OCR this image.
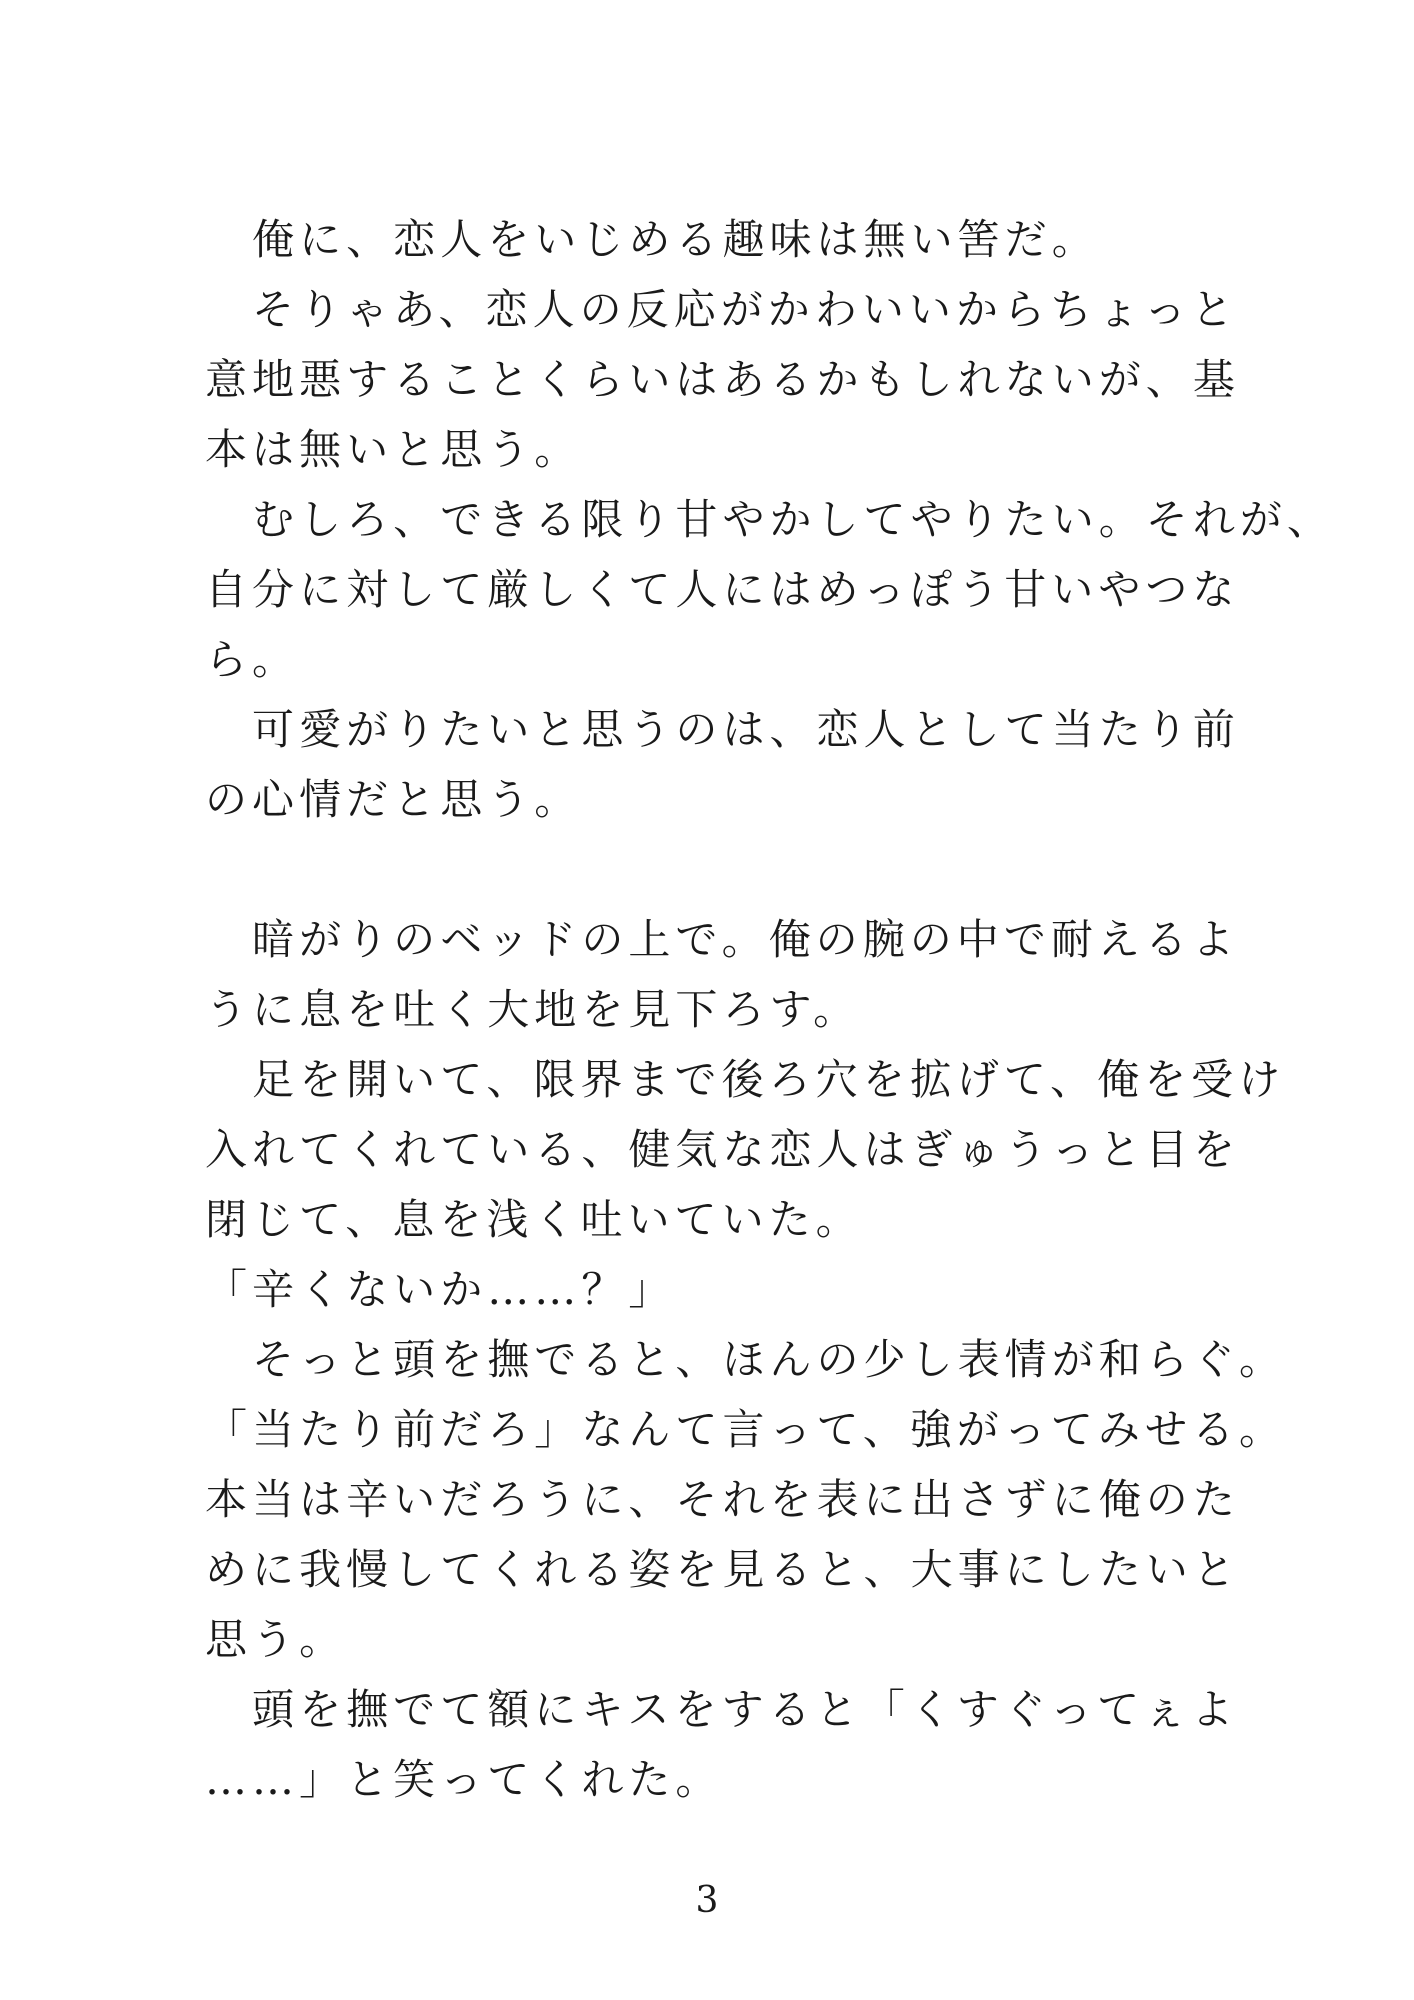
　俺に、恋人をいじめる趣味は無い筈だ。
　そりゃあ、恋人の反応がかわいいからちょっと
意地悪することくらいはあるかもしれないが、基
本は無いと思う。
　むしろ、できる限り甘やかしてやりたい。それが、
自分に対して厳しくて人にはめっぽう甘いやつな
ら。
　可愛がりたいと思うのは、恋人として当たり前
の心情だと思う。
　暗がりのベッドの上で。俺の腕の中で耐えるよ
うに息を吐く大地を見下ろす。
　足を開いて、限界まで後ろ穴を拡げて、俺を受け
入れてくれている、健気な恋人はぎゅうっと目を
閉じて、息を浅く吐いていた。
「辛くないか……？」
　そっと頭を撫でると、ほんの少し表情が和らぐ。
「当たり前だろ」なんて言って、強がってみせる。
本当は辛いだろうに、それを表に出さずに俺のた
めに我慢してくれる姿を見ると、大事にしたいと
思う。
　頭を撫でて額にキスをすると「くすぐってぇよ
……」と笑ってくれた。
3
